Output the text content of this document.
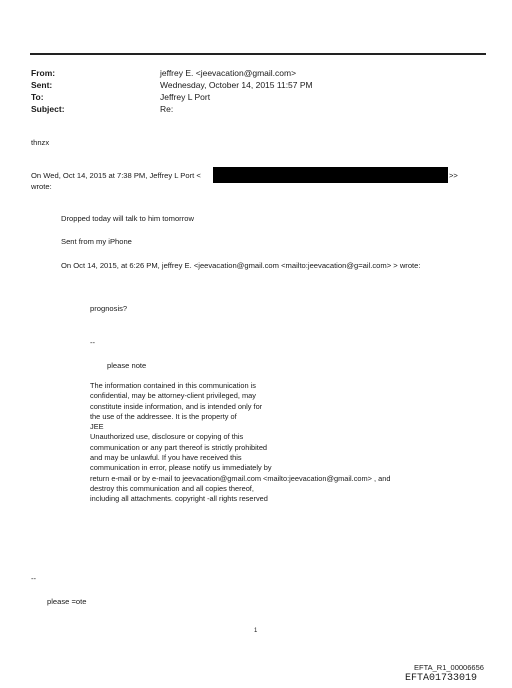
From:	jeffrey E. <jeevacation@gmail.com>
Sent:	Wednesday, October 14, 2015 11:57 PM
To:	Jeffrey L Port
Subject:	Re:
thnzx
On Wed, Oct 14, 2015 at 7:38 PM, Jeffrey L Port <	>>
wrote:
Dropped today will talk to him tomorrow
Sent from my iPhone
On Oct 14, 2015, at 6:26 PM, jeffrey E. <jeevacation@gmail.com <mailto:jeevacation@g=ail.com> > wrote:
prognosis?
--
please note
The information contained in this communication is
confidential, may be attorney-client privileged, may
constitute inside information, and is intended only for
the use of the addressee. It is the property of
JEE
Unauthorized use, disclosure or copying of this
communication or any part thereof is strictly prohibited
and may be unlawful. If you have received this
communication in error, please notify us immediately by
return e-mail or by e-mail to jeevacation@gmail.com <mailto:jeevacation@gmail.com> , and
destroy this communication and all copies thereof,
including all attachments. copyright -all rights reserved
--
please =ote
1
EFTA_R1_00006656
EFTA01733019
